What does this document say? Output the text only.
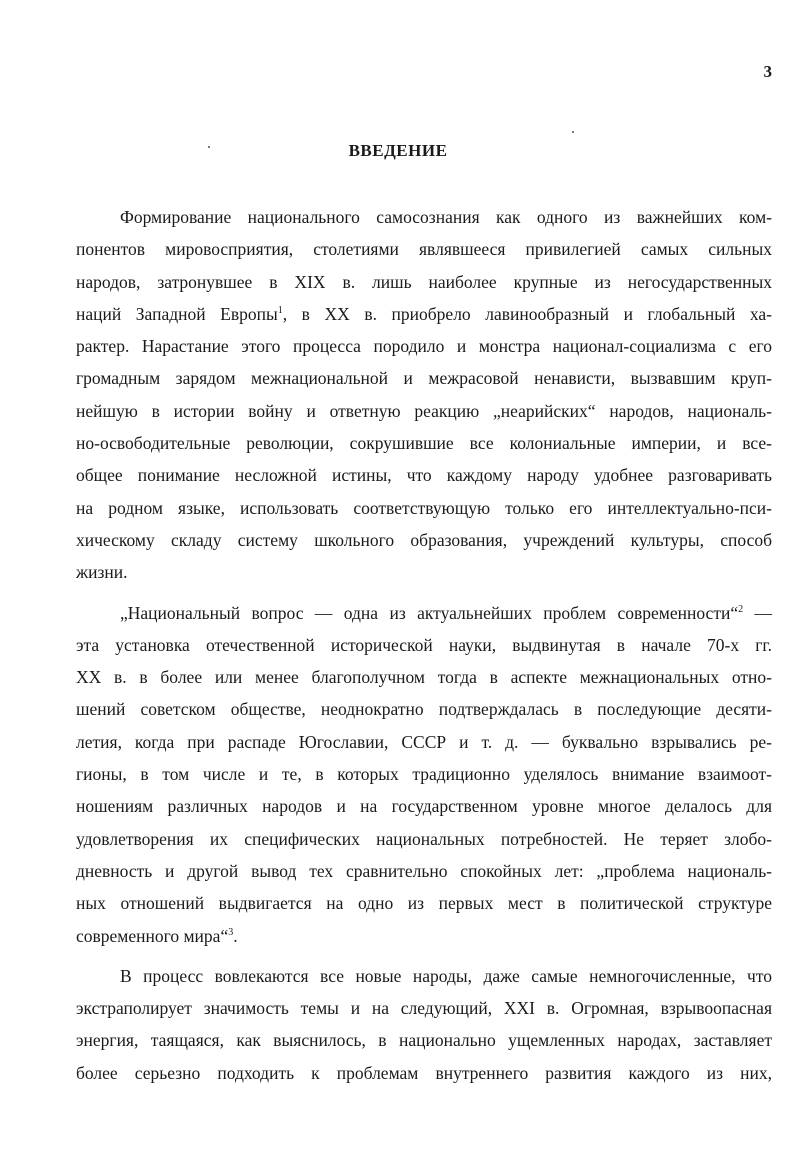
3
ВВЕДЕНИЕ

Формирование национального самосознания как одного из важнейших ком-
понентов мировосприятия, столетиями являвшееся привилегией самых сильных
народов, затронувшее в XIX в. лишь наиболее крупные из негосударственных
наций Западной Европы$^1$, в XX в. приобрело лавинообразный и глобальный ха-
рактер. Нарастание этого процесса породило и монстра национал-социализма с его
громадным зарядом межнациональной и межрасовой ненависти, вызвавшим круп-
нейшую в истории войну и ответную реакцию „неарийских“ народов, националь-
но-освободительные революции, сокрушившие все колониальные империи, и все-
общее понимание несложной истины, что каждому народу удобнее разговаривать
на родном языке, использовать соответствующую только его интеллектуально-пси-
хическому складу систему школьного образования, учреждений культуры, способ
жизни.

„Национальный вопрос — одна из актуальнейших проблем современности“$^2$ —
эта установка отечественной исторической науки, выдвинутая в начале 70-х гг.
XX в. в более или менее благополучном тогда в аспекте межнациональных отно-
шений советском обществе, неоднократно подтверждалась в последующие десяти-
летия, когда при распаде Югославии, СССР и т. д. — буквально взрывались ре-
гионы, в том числе и те, в которых традиционно уделялось внимание взаимоот-
ношениям различных народов и на государственном уровне многое делалось для
удовлетворения их специфических национальных потребностей. Не теряет злобо-
дневность и другой вывод тех сравнительно спокойных лет: „проблема националь-
ных отношений выдвигается на одно из первых мест в политической структуре
современного мира“$^3$.

В процесс вовлекаются все новые народы, даже самые немногочисленные, что
экстраполирует значимость темы и на следующий, XXI в. Огромная, взрывоопасная
энергия, таящаяся, как выяснилось, в национально ущемленных народах, заставляет
более серьезно подходить к проблемам внутреннего развития каждого из них,
